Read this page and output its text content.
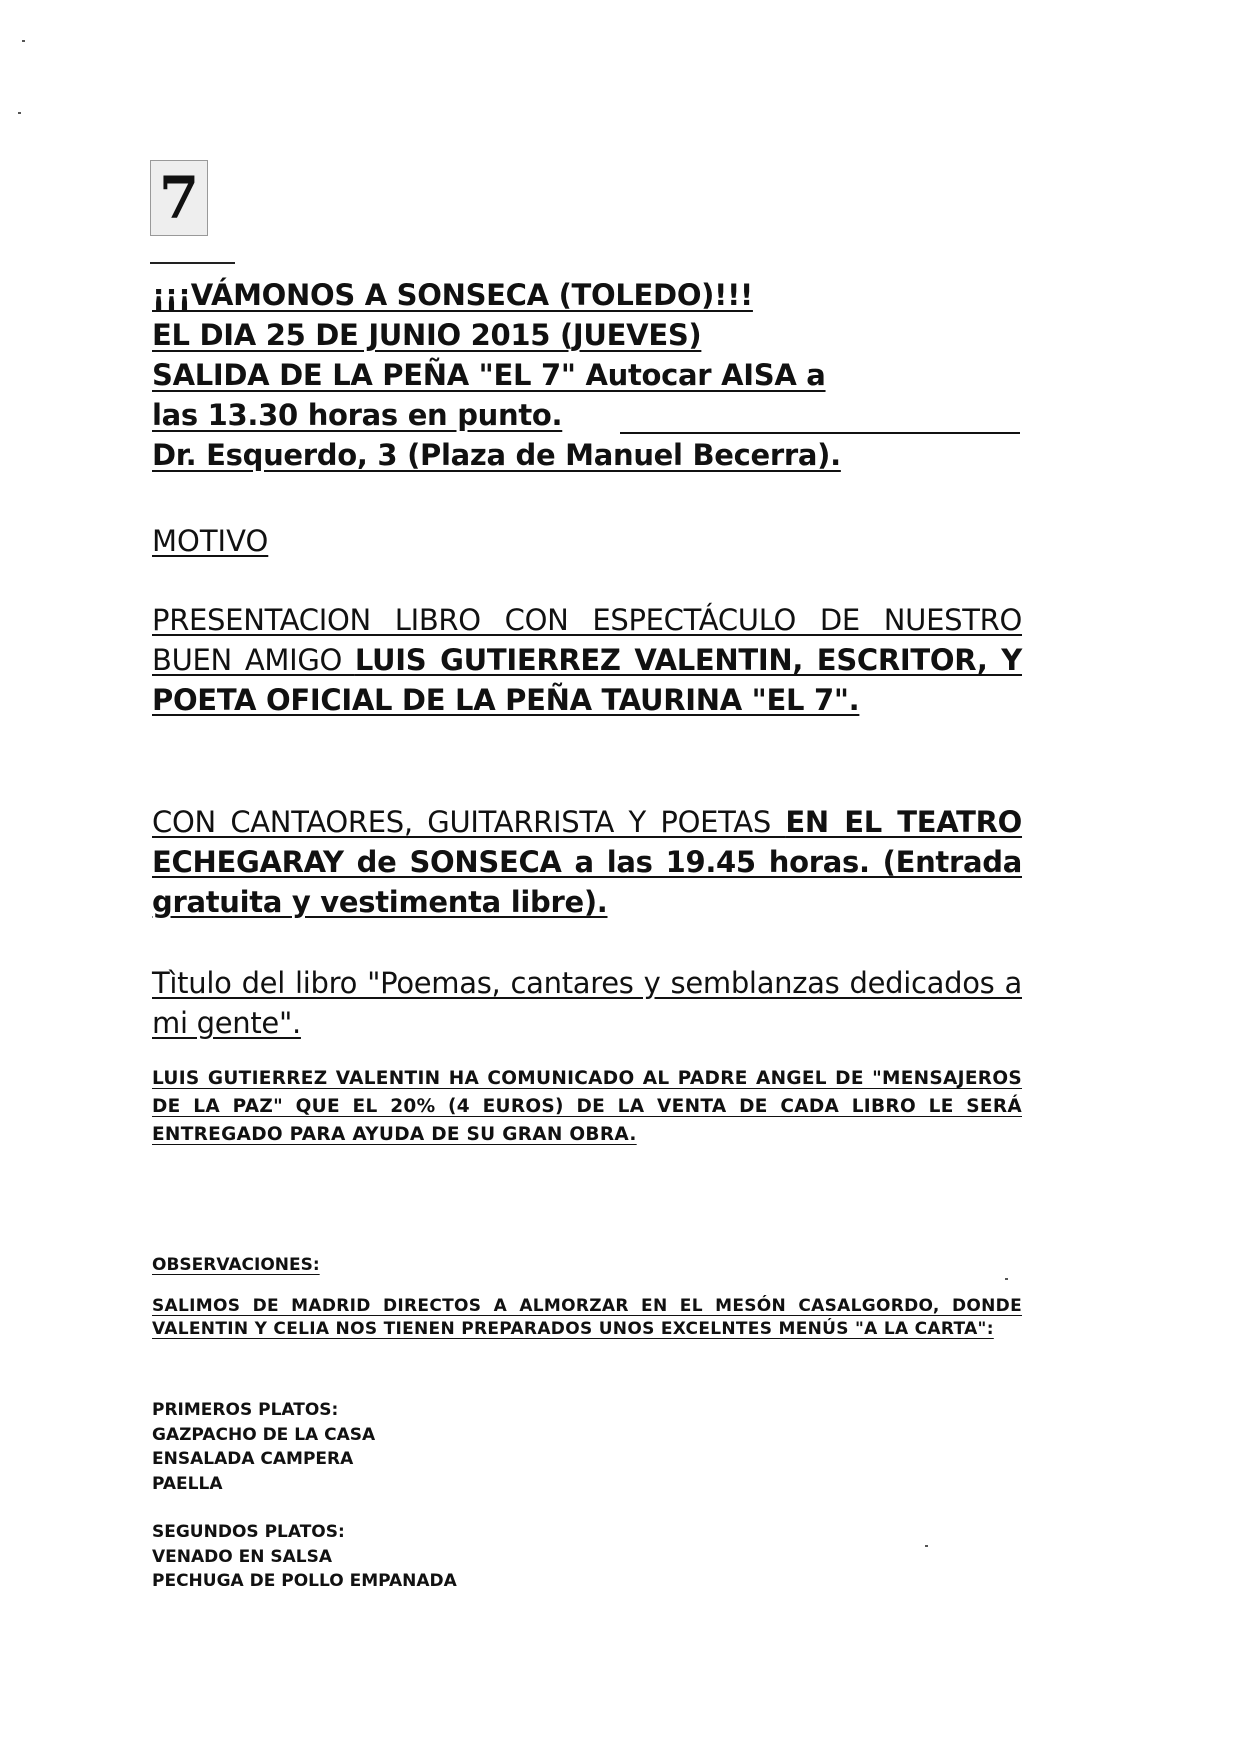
7
¡¡¡VÁMONOS A SONSECA (TOLEDO)!!!
EL DIA 25 DE JUNIO 2015 (JUEVES)
SALIDA DE LA PEÑA "EL 7" Autocar AISA a
las 13.30 horas en punto.
Dr. Esquerdo, 3 (Plaza de Manuel Becerra).
MOTIVO
PRESENTACION LIBRO CON ESPECTÁCULO DE NUESTRO BUEN AMIGO LUIS GUTIERREZ VALENTIN, ESCRITOR, Y POETA OFICIAL DE LA PEÑA TAURINA "EL 7".
CON CANTAORES, GUITARRISTA Y POETAS EN EL TEATRO ECHEGARAY de SONSECA a las 19.45 horas. (Entrada gratuita y vestimenta libre).
Tìtulo del libro "Poemas, cantares y semblanzas dedicados a mi gente".
LUIS GUTIERREZ VALENTIN HA COMUNICADO AL PADRE ANGEL DE "MENSAJEROS DE LA PAZ" QUE EL 20% (4 EUROS) DE LA VENTA DE CADA LIBRO LE SERÁ ENTREGADO PARA AYUDA DE SU GRAN OBRA.
OBSERVACIONES:
SALIMOS DE MADRID DIRECTOS A ALMORZAR EN EL MESÓN CASALGORDO, DONDE VALENTIN Y CELIA NOS TIENEN PREPARADOS UNOS EXCELNTES MENÚS "A LA CARTA":
PRIMEROS PLATOS:
GAZPACHO DE LA CASA
ENSALADA CAMPERA
PAELLA
SEGUNDOS PLATOS:
VENADO EN SALSA
PECHUGA DE POLLO EMPANADA
